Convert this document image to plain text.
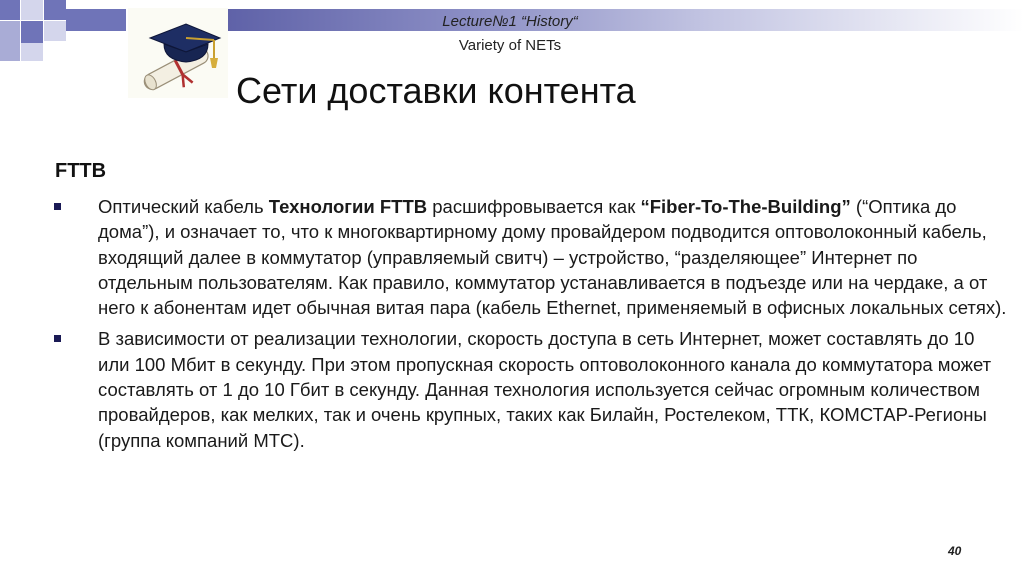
Lecture№1 “History“
Variety of NETs
Сети доставки контента
FTTB
Оптический кабель Технологии FTTB расшифровывается как “Fiber-To-The-Building” (“Оптика до дома”), и означает то, что к многоквартирному дому провайдером подводится оптоволоконный кабель, входящий далее в коммутатор (управляемый свитч) – устройство, “разделяющее” Интернет по отдельным пользователям. Как правило, коммутатор устанавливается в подъезде или на чердаке, а от него к абонентам идет обычная витая пара (кабель Ethernet, применяемый в офисных локальных сетях).
В зависимости от реализации технологии, скорость доступа в сеть Интернет, может составлять до 10 или 100 Мбит в секунду. При этом пропускная скорость оптоволоконного канала до коммутатора может составлять от 1 до 10 Гбит в секунду. Данная технология используется сейчас огромным количеством провайдеров, как мелких, так и очень крупных, таких как Билайн, Ростелеком, ТТК, КОМСТАР-Регионы (группа компаний МТС).
40
